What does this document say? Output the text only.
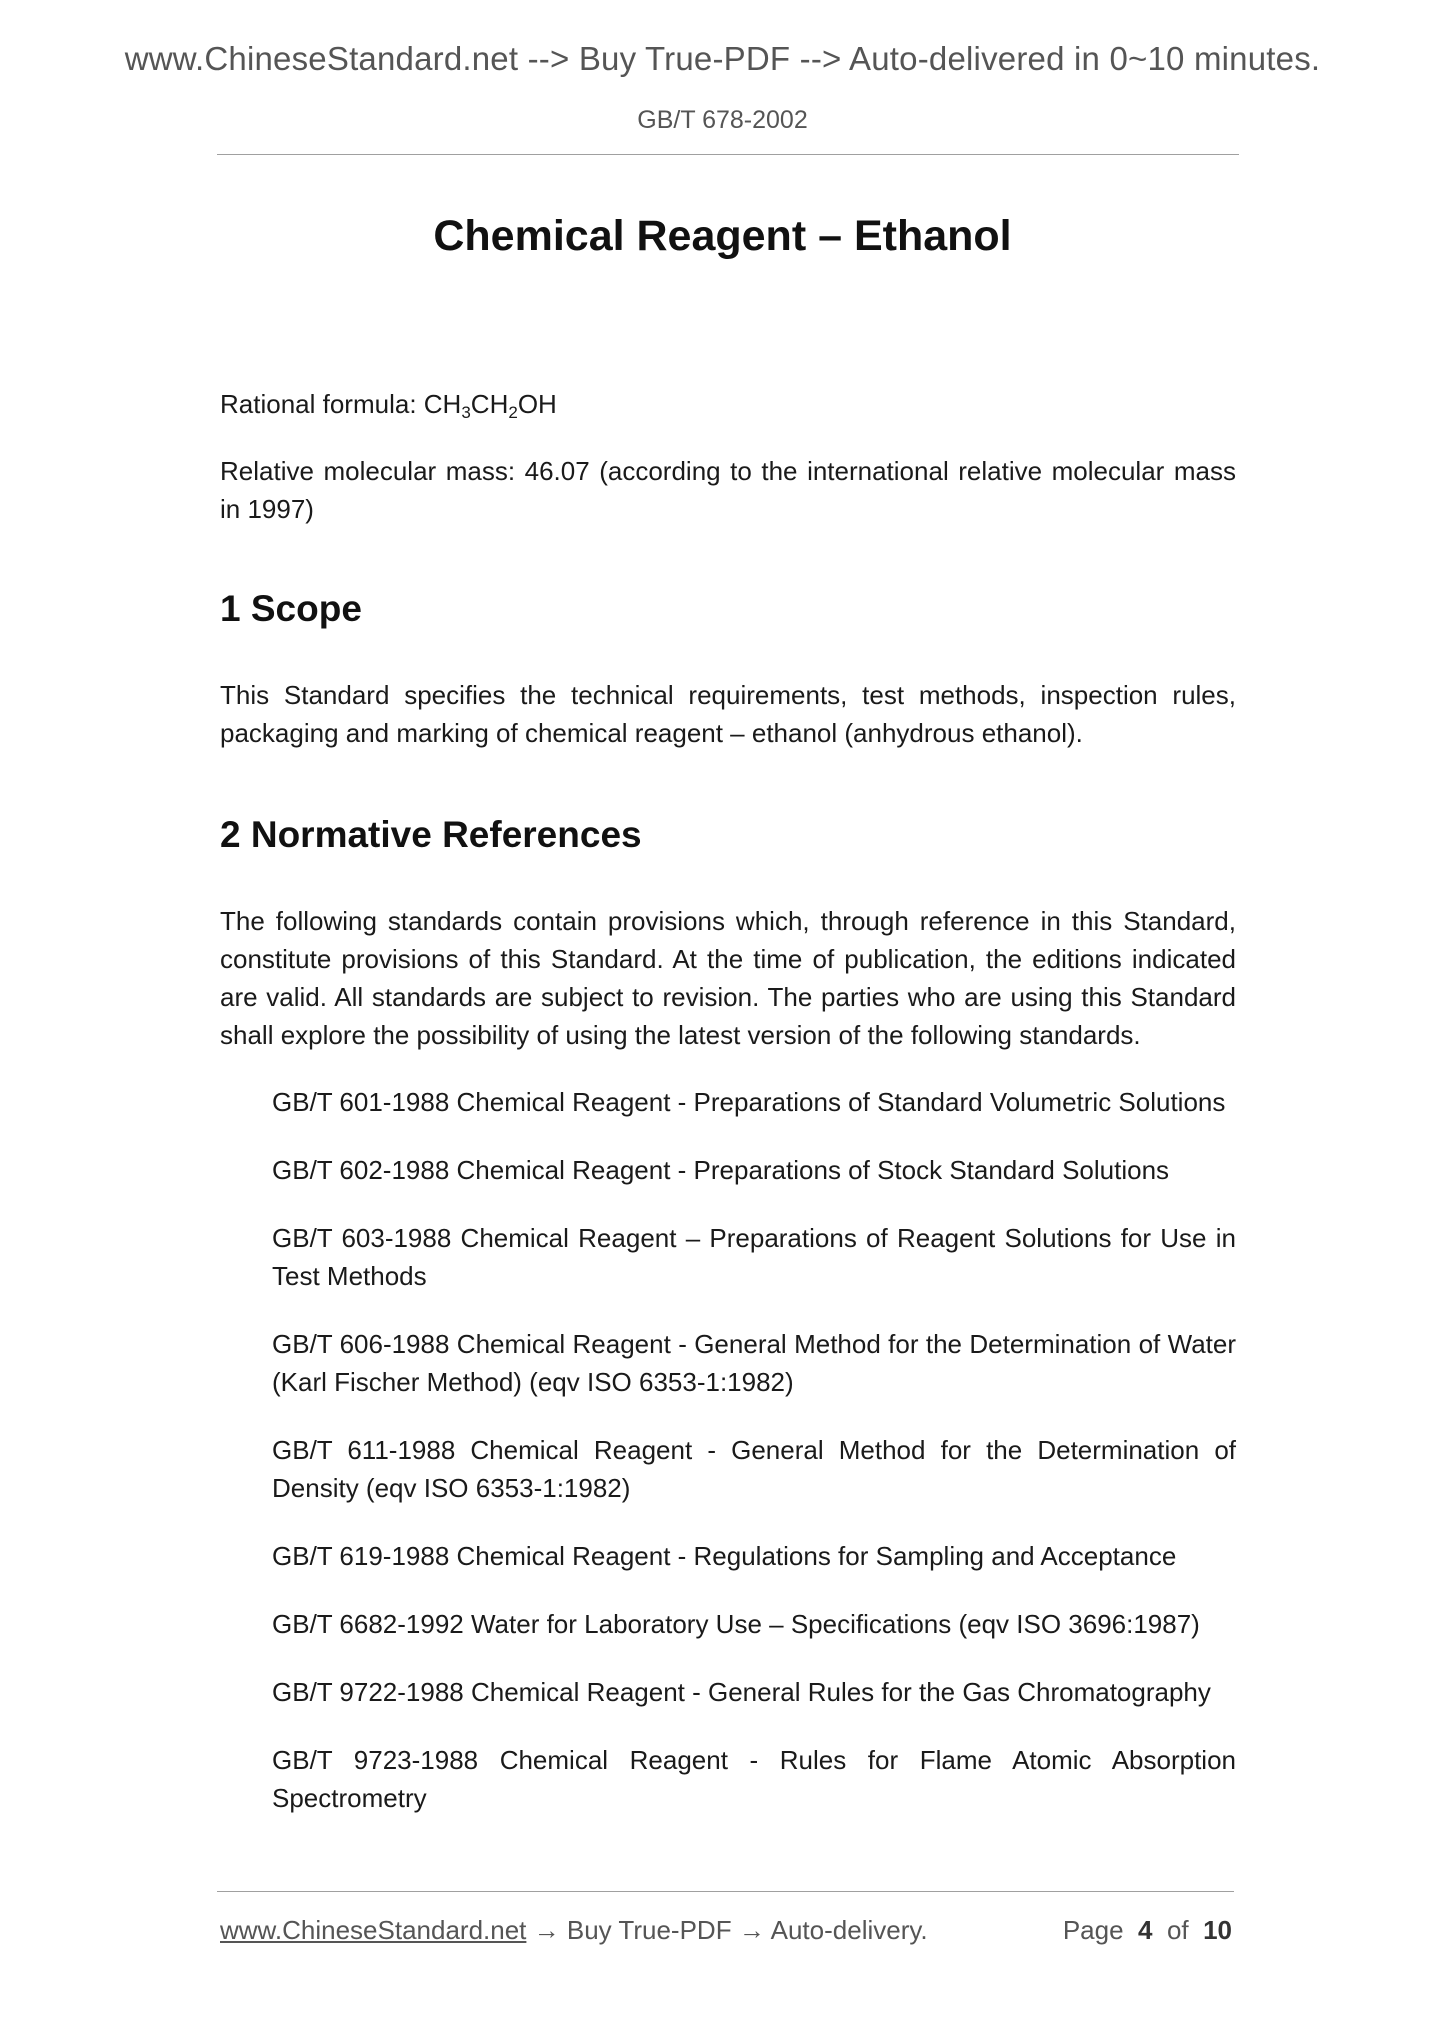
www.ChineseStandard.net --> Buy True-PDF --> Auto-delivered in 0~10 minutes.
GB/T 678-2002
Chemical Reagent – Ethanol

Rational formula: $CH_3CH_2OH$

Relative molecular mass: 46.07 (according to the international relative molecular mass in 1997)

1 Scope

This Standard specifies the technical requirements, test methods, inspection rules, packaging and marking of chemical reagent – ethanol (anhydrous ethanol).

2 Normative References

The following standards contain provisions which, through reference in this Standard, constitute provisions of this Standard. At the time of publication, the editions indicated are valid. All standards are subject to revision. The parties who are using this Standard shall explore the possibility of using the latest version of the following standards.

GB/T 601-1988 Chemical Reagent - Preparations of Standard Volumetric Solutions
GB/T 602-1988 Chemical Reagent - Preparations of Stock Standard Solutions
GB/T 603-1988 Chemical Reagent – Preparations of Reagent Solutions for Use in Test Methods
GB/T 606-1988 Chemical Reagent - General Method for the Determination of Water (Karl Fischer Method) (eqv ISO 6353-1:1982)
GB/T 611-1988 Chemical Reagent - General Method for the Determination of Density (eqv ISO 6353-1:1982)
GB/T 619-1988 Chemical Reagent - Regulations for Sampling and Acceptance
GB/T 6682-1992 Water for Laboratory Use – Specifications (eqv ISO 3696:1987)
GB/T 9722-1988 Chemical Reagent - General Rules for the Gas Chromatography
GB/T 9723-1988 Chemical Reagent - Rules for Flame Atomic Absorption Spectrometry
www.ChineseStandard.net → Buy True-PDF → Auto-delivery.	Page 4 of 10
